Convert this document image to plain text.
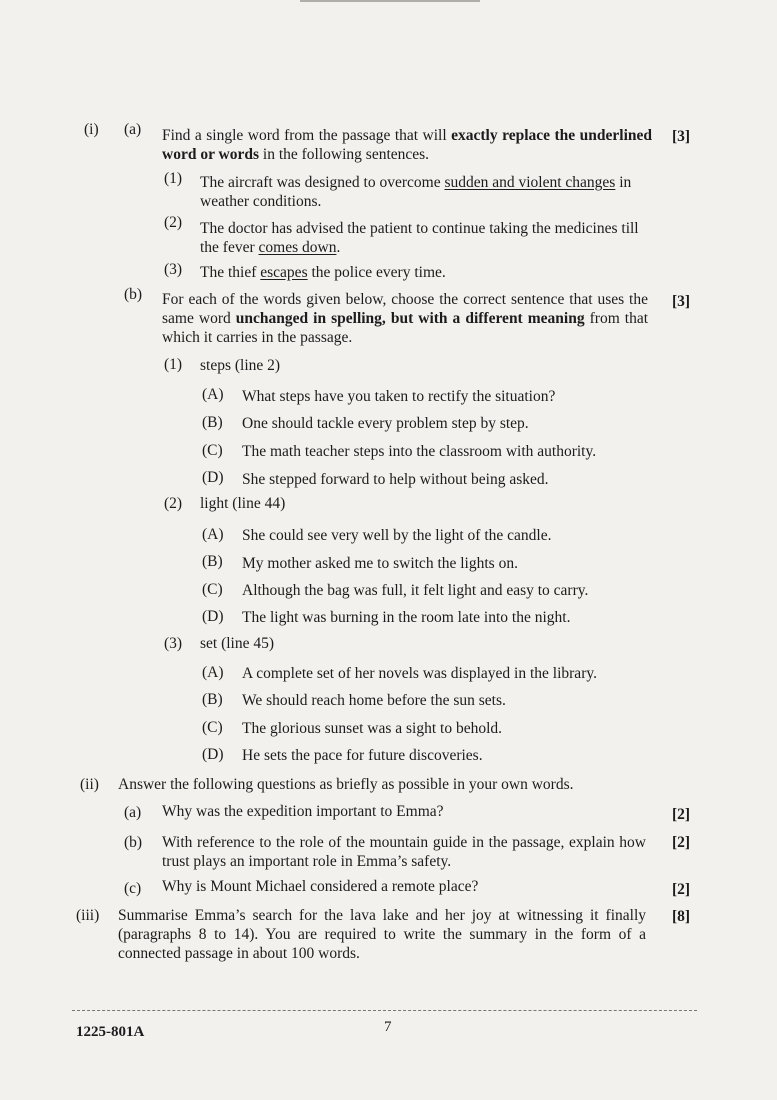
(i) (a) Find a single word from the passage that will exactly replace the underlined word or words in the following sentences.
[3]
(1) The aircraft was designed to overcome sudden and violent changes in weather conditions.
(2) The doctor has advised the patient to continue taking the medicines till the fever comes down.
(3) The thief escapes the police every time.
(b) For each of the words given below, choose the correct sentence that uses the same word unchanged in spelling, but with a different meaning from that which it carries in the passage.
[3]
(1) steps (line 2)
(A) What steps have you taken to rectify the situation?
(B) One should tackle every problem step by step.
(C) The math teacher steps into the classroom with authority.
(D) She stepped forward to help without being asked.
(2) light (line 44)
(A) She could see very well by the light of the candle.
(B) My mother asked me to switch the lights on.
(C) Although the bag was full, it felt light and easy to carry.
(D) The light was burning in the room late into the night.
(3) set (line 45)
(A) A complete set of her novels was displayed in the library.
(B) We should reach home before the sun sets.
(C) The glorious sunset was a sight to behold.
(D) He sets the pace for future discoveries.
(ii) Answer the following questions as briefly as possible in your own words.
(a) Why was the expedition important to Emma?	[2]
(b) With reference to the role of the mountain guide in the passage, explain how trust plays an important role in Emma’s safety.
[2]
(c) Why is Mount Michael considered a remote place?	[2]
(iii) Summarise Emma’s search for the lava lake and her joy at witnessing it finally (paragraphs 8 to 14). You are required to write the summary in the form of a connected passage in about 100 words.
[8]
1225-801A	7
